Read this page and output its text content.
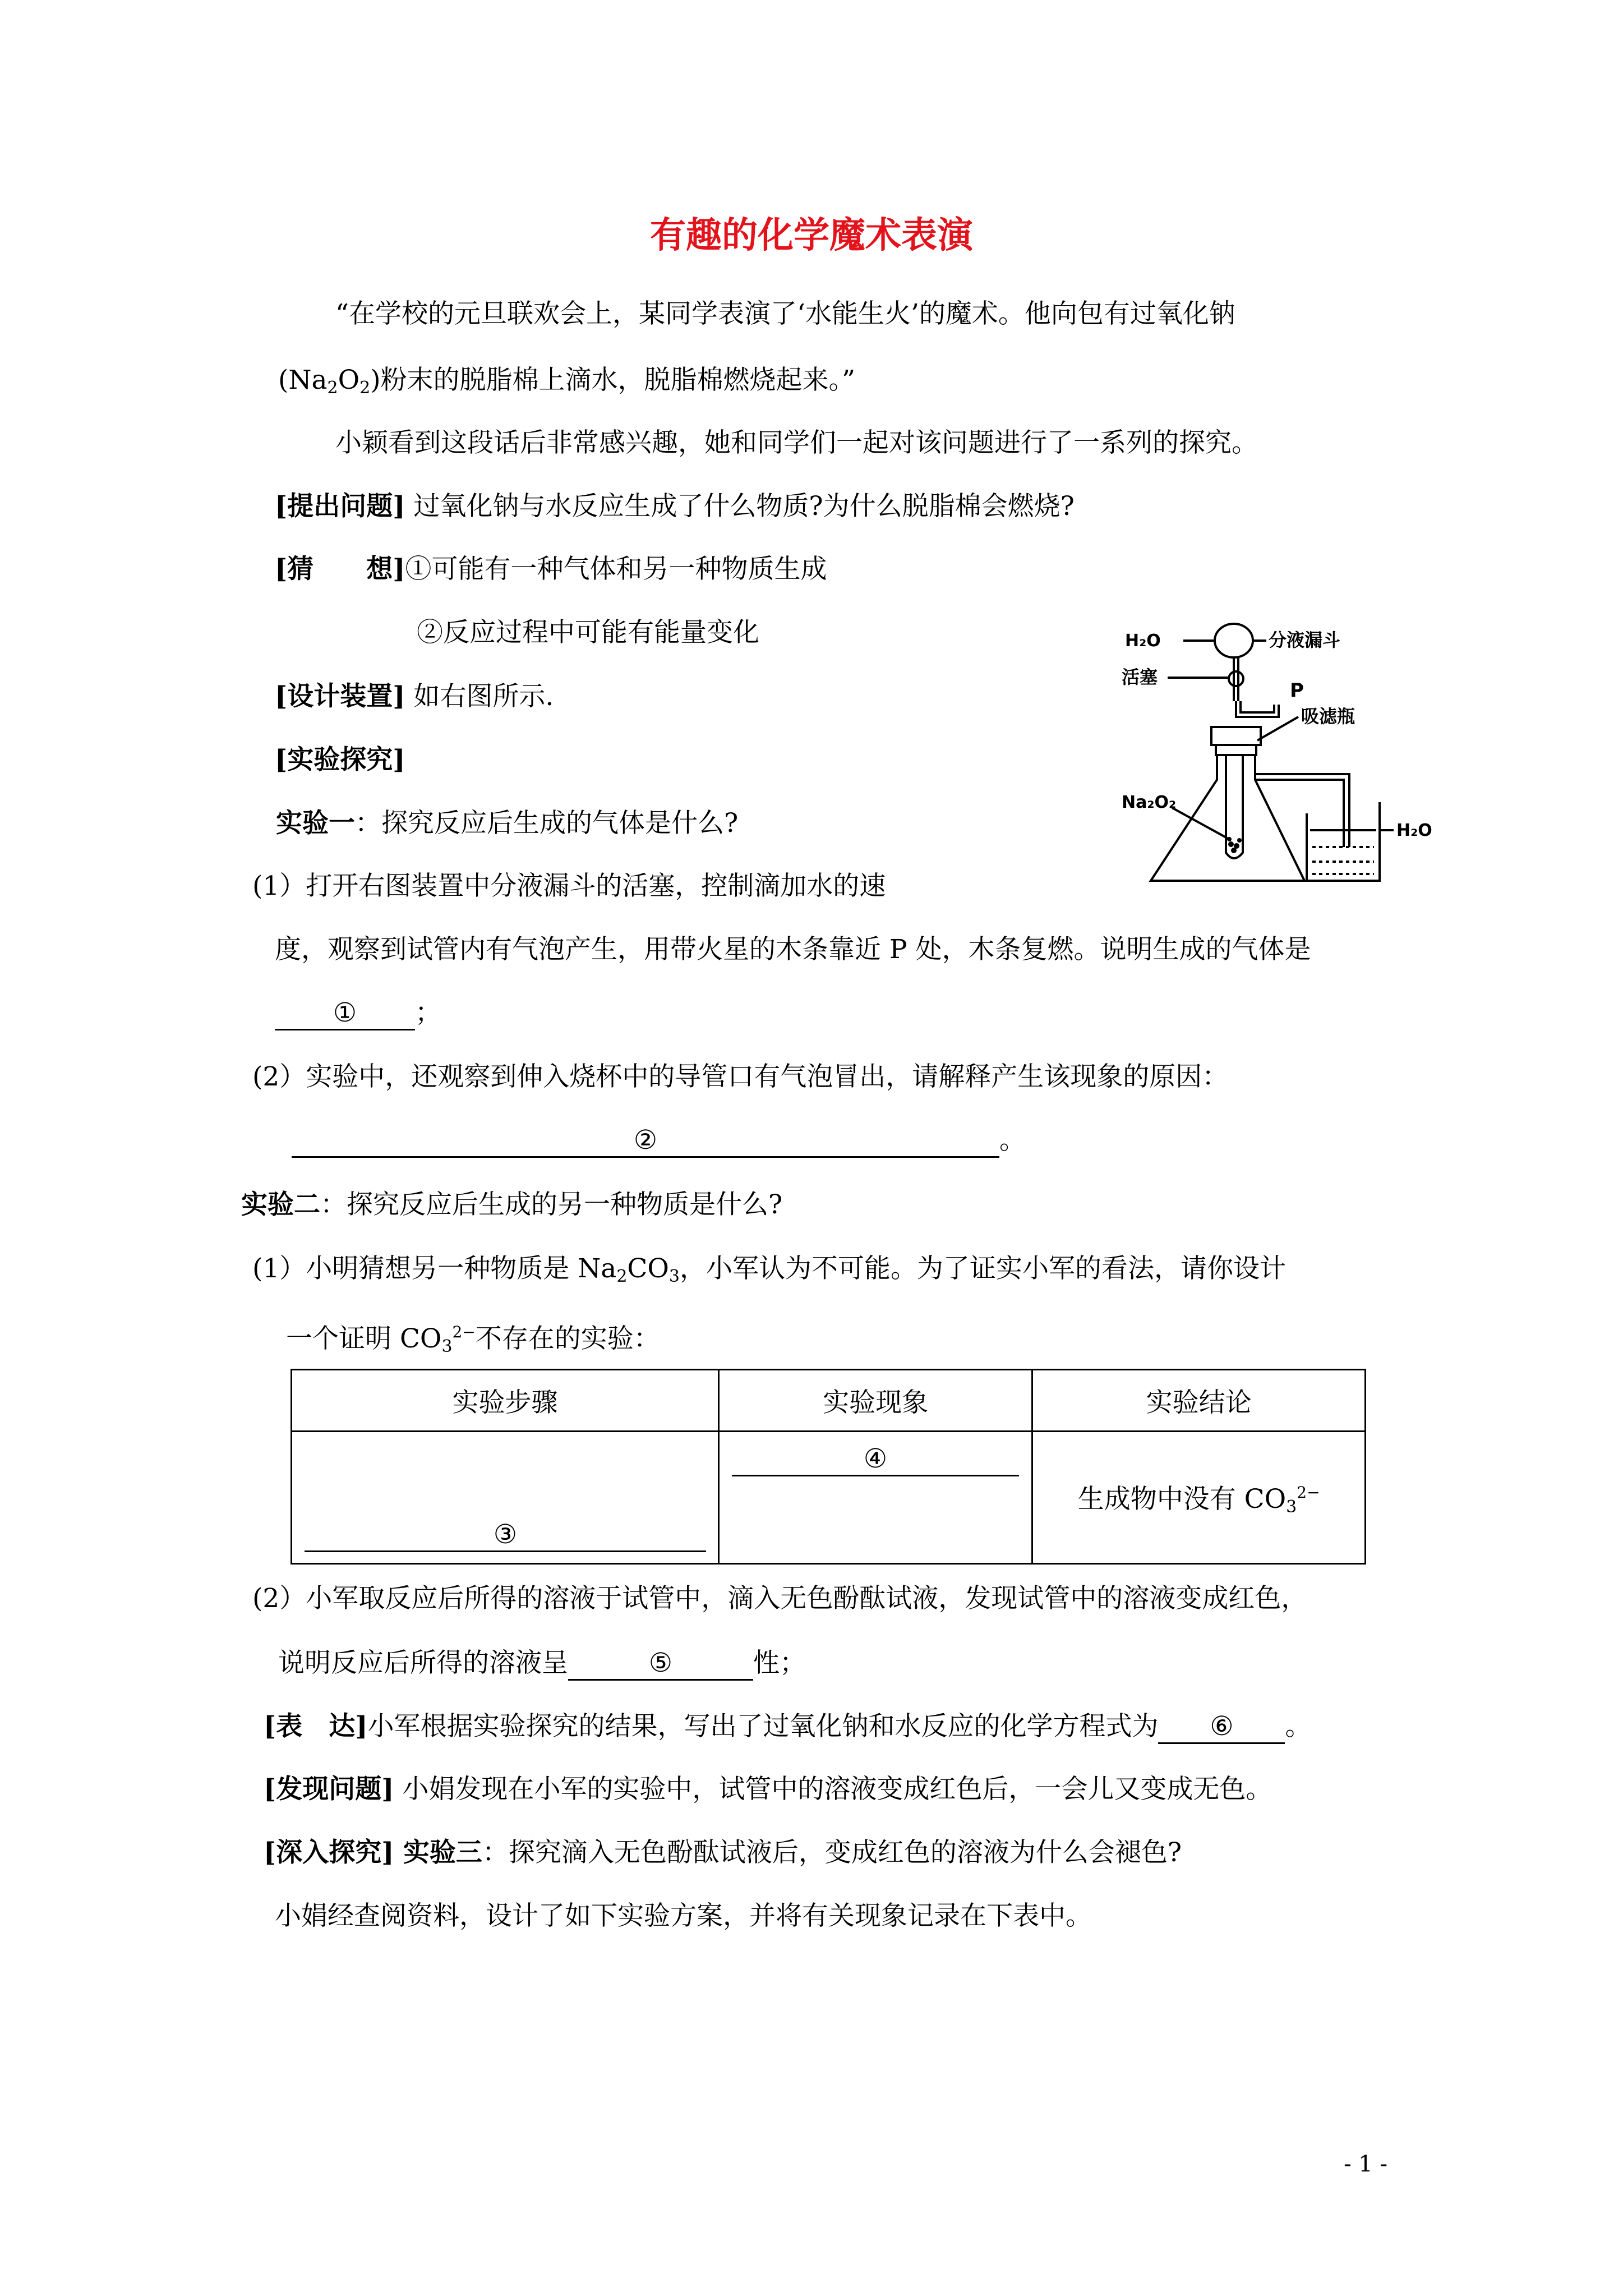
有趣的化学魔术表演
“在学校的元旦联欢会上，某同学表演了‘水能生火’的魔术。他向包有过氧化钠
$(Na_2O_2)$粉末的脱脂棉上滴水，脱脂棉燃烧起来。”
小颖看到这段话后非常感兴趣，她和同学们一起对该问题进行了一系列的探究。
[提出问题] 过氧化钠与水反应生成了什么物质?为什么脱脂棉会燃烧?
[猜　　想]①可能有一种气体和另一种物质生成
②反应过程中可能有能量变化
[设计装置] 如右图所示.
[实验探究]
实验一：探究反应后生成的气体是什么?
(1）打开右图装置中分液漏斗的活塞，控制滴加水的速
度，观察到试管内有气泡产生，用带火星的木条靠近 P 处，木条复燃。说明生成的气体是
① ；
(2）实验中，还观察到伸入烧杯中的导管口有气泡冒出，请解释产生该现象的原因：
②	。
实验二：探究反应后生成的另一种物质是什么?
(1）小明猜想另一种物质是 $Na_2CO_3$，小军认为不可能。为了证实小军的看法，请你设计
一个证明 $CO_3^{2-}$不存在的实验：
实验步骤	实验现象	实验结论

③	④	生成物中没有 $CO_3^{2-}$
(2）小军取反应后所得的溶液于试管中，滴入无色酚酞试液，发现试管中的溶液变成红色，
说明反应后所得的溶液呈	⑤	性；
[表　达]小军根据实验探究的结果，写出了过氧化钠和水反应的化学方程式为 ⑥ 。
[发现问题] 小娟发现在小军的实验中，试管中的溶液变成红色后，一会儿又变成无色。
[深入探究] 实验三：探究滴入无色酚酞试液后，变成红色的溶液为什么会褪色?
小娟经查阅资料，设计了如下实验方案，并将有关现象记录在下表中。
- 1 -
H₂O	分液漏斗
活塞
P
吸滤瓶
Na₂O₂
H₂O
